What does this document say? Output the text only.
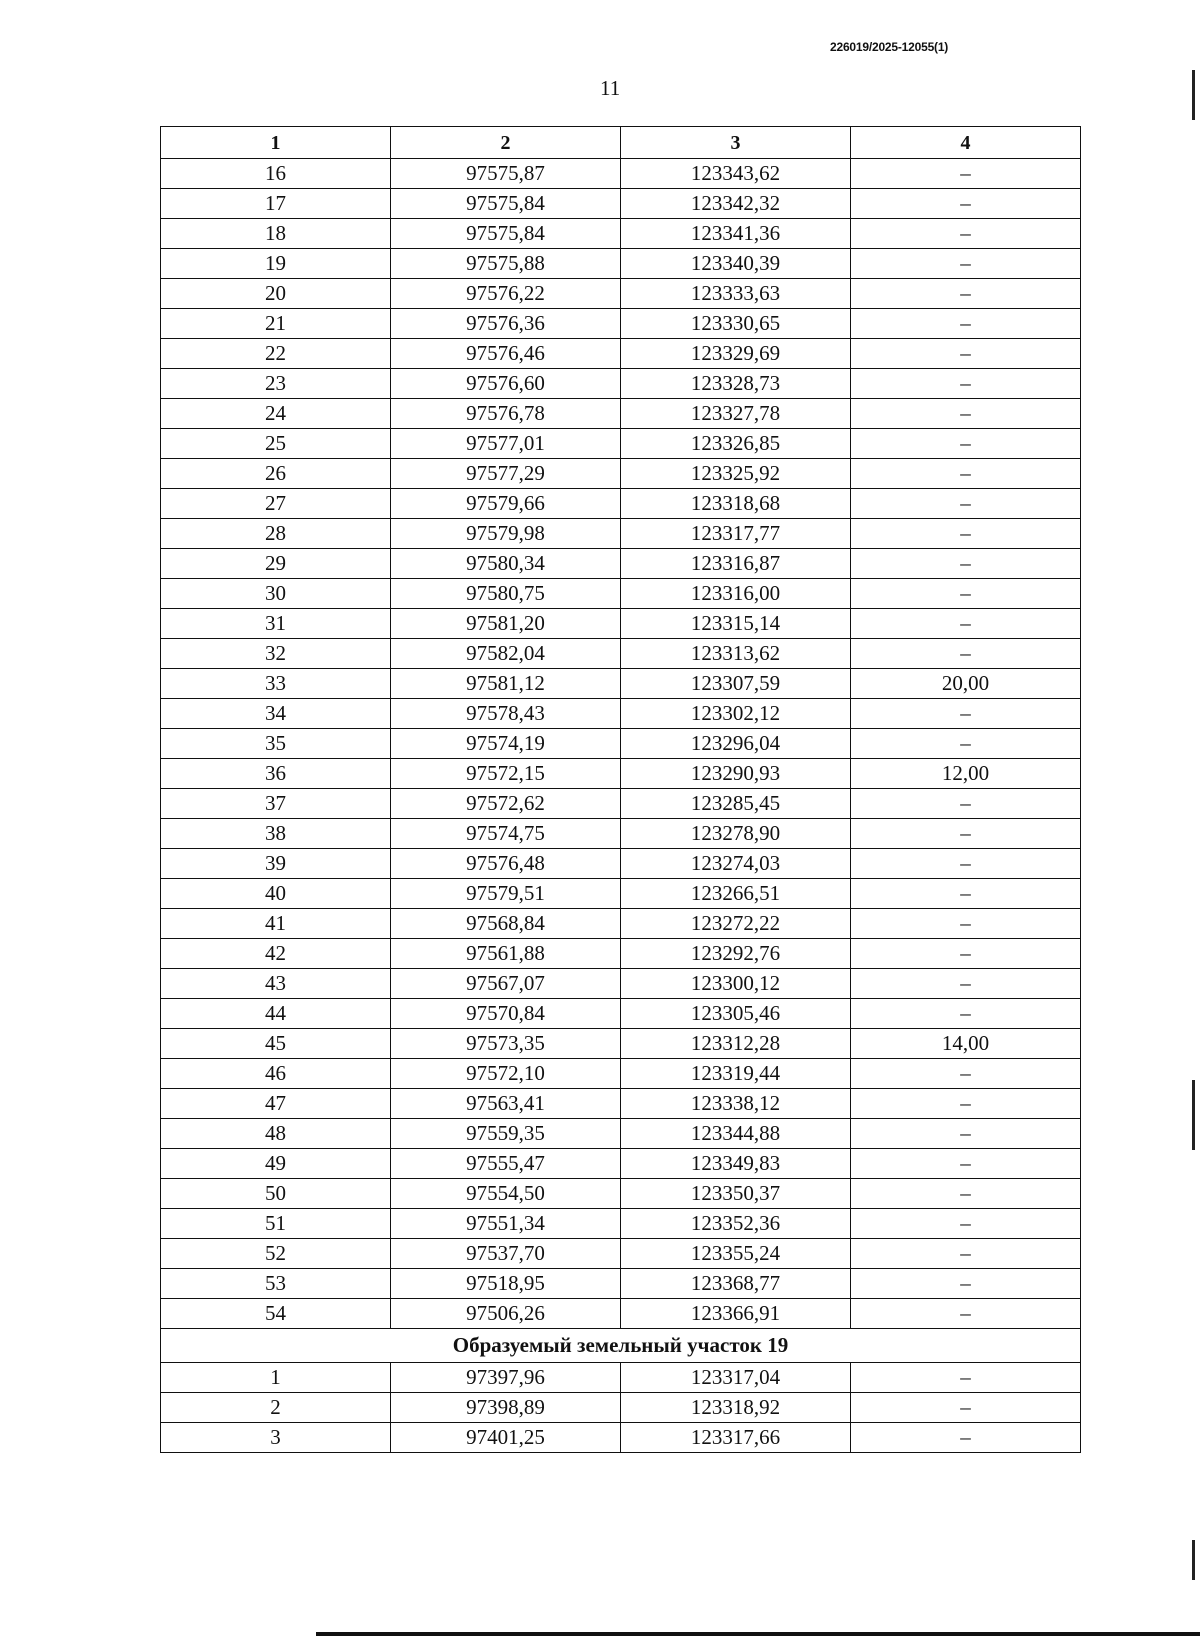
226019/2025-12055(1)
11
1	2	3	4
16	97575,87	123343,62	–
17	97575,84	123342,32	–
18	97575,84	123341,36	–
19	97575,88	123340,39	–
20	97576,22	123333,63	–
21	97576,36	123330,65	–
22	97576,46	123329,69	–
23	97576,60	123328,73	–
24	97576,78	123327,78	–
25	97577,01	123326,85	–
26	97577,29	123325,92	–
27	97579,66	123318,68	–
28	97579,98	123317,77	–
29	97580,34	123316,87	–
30	97580,75	123316,00	–
31	97581,20	123315,14	–
32	97582,04	123313,62	–
33	97581,12	123307,59	20,00
34	97578,43	123302,12	–
35	97574,19	123296,04	–
36	97572,15	123290,93	12,00
37	97572,62	123285,45	–
38	97574,75	123278,90	–
39	97576,48	123274,03	–
40	97579,51	123266,51	–
41	97568,84	123272,22	–
42	97561,88	123292,76	–
43	97567,07	123300,12	–
44	97570,84	123305,46	–
45	97573,35	123312,28	14,00
46	97572,10	123319,44	–
47	97563,41	123338,12	–
48	97559,35	123344,88	–
49	97555,47	123349,83	–
50	97554,50	123350,37	–
51	97551,34	123352,36	–
52	97537,70	123355,24	–
53	97518,95	123368,77	–
54	97506,26	123366,91	–
Образуемый земельный участок 19			
1	97397,96	123317,04	–
2	97398,89	123318,92	–
3	97401,25	123317,66	–
